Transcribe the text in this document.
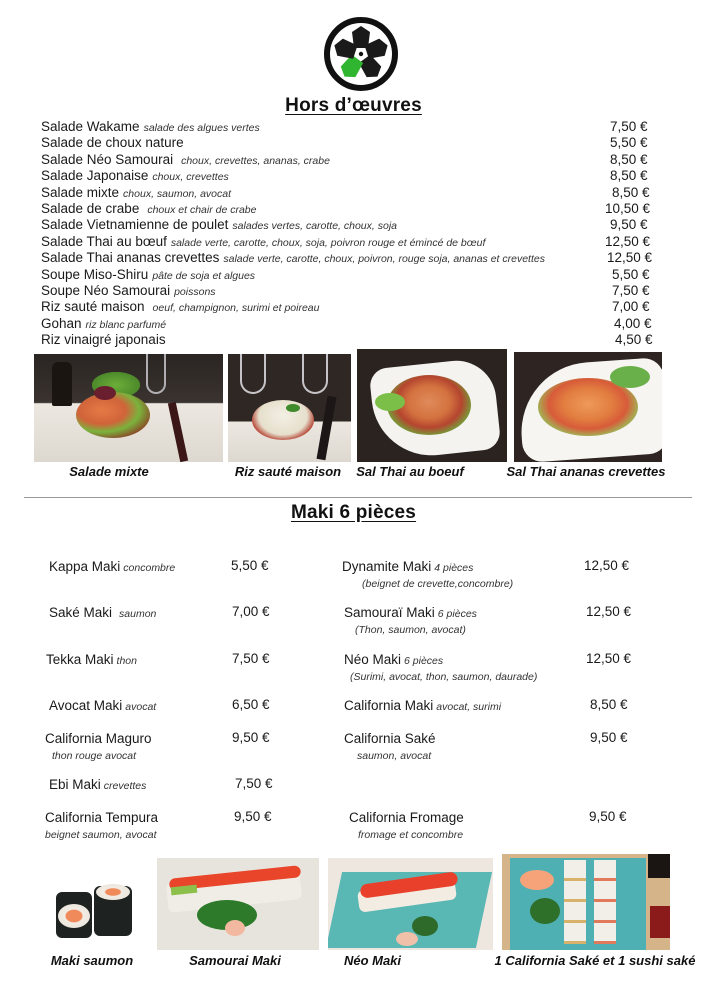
Hors d’œuvres
Salade Wakame salade des algues vertes	7,50 €
Salade de choux nature	5,50 €
Salade Néo Samourai choux, crevettes, ananas, crabe	8,50 €
Salade Japonaise choux, crevettes	8,50 €
Salade mixte choux, saumon, avocat	8,50 €
Salade de crabe choux et chair de crabe	10,50 €
Salade Vietnamienne de poulet salades vertes, carotte, choux, soja	9,50 €
Salade Thai au bœuf salade verte, carotte, choux, soja, poivron rouge et émincé de bœuf	12,50 €
Salade Thai ananas crevettes salade verte, carotte, choux, poivron, rouge soja, ananas et crevettes	12,50 €
Soupe Miso-Shiru pâte de soja et algues	5,50 €
Soupe Néo Samourai poissons	7,50 €
Riz sauté maison oeuf, champignon, surimi et poireau	7,00 €
Gohan riz blanc parfumé	4,00 €
Riz vinaigré japonais	4,50 €
Salade mixte	Riz sauté maison	Sal Thai au boeuf	Sal Thai ananas crevettes
Maki 6 pièces
Kappa Maki concombre	5,50 €
Saké Maki saumon	7,00 €
Tekka Maki thon	7,50 €
Avocat Maki avocat	6,50 €
California Maguro
thon rouge avocat
9,50 €
Ebi Maki crevettes	7,50 €
California Tempura
beignet saumon, avocat
9,50 €
Dynamite Maki 4 pièces
(beignet de crevette,concombre)
12,50 €
Samouraï Maki 6 pièces
(Thon, saumon, avocat)
12,50 €
Néo Maki 6 pièces
(Surimi, avocat, thon, saumon, daurade)
12,50 €
California Maki avocat, surimi	8,50 €
California Saké
saumon, avocat
9,50 €
California Fromage
fromage et concombre
9,50 €
Maki saumon	Samourai Maki	Néo Maki	1 California Saké et 1 sushi saké
